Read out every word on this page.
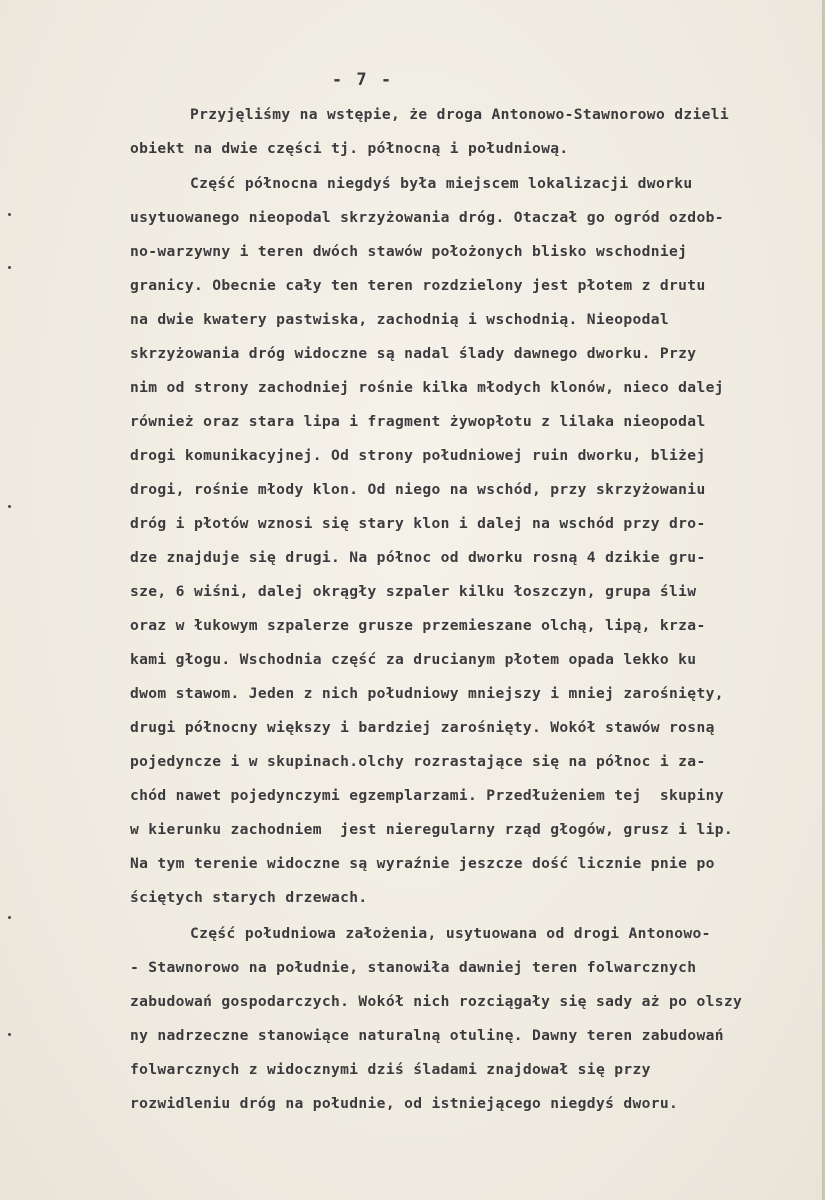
- 7 -
Przyjęliśmy na wstępie, że droga Antonowo-Stawnorowo dzieli
obiekt na dwie części tj. północną i południową.
Część północna niegdyś była miejscem lokalizacji dworku
usytuowanego nieopodal skrzyżowania dróg. Otaczał go ogród ozdob-
no-warzywny i teren dwóch stawów położonych blisko wschodniej
granicy. Obecnie cały ten teren rozdzielony jest płotem z drutu
na dwie kwatery pastwiska, zachodnią i wschodnią. Nieopodal
skrzyżowania dróg widoczne są nadal ślady dawnego dworku. Przy
nim od strony zachodniej rośnie kilka młodych klonów, nieco dalej
również oraz stara lipa i fragment żywopłotu z lilaka nieopodal
drogi komunikacyjnej. Od strony południowej ruin dworku, bliżej
drogi, rośnie młody klon. Od niego na wschód, przy skrzyżowaniu
dróg i płotów wznosi się stary klon i dalej na wschód przy dro-
dze znajduje się drugi. Na północ od dworku rosną 4 dzikie gru-
sze, 6 wiśni, dalej okrągły szpaler kilku łoszczyn, grupa śliw
oraz w łukowym szpalerze grusze przemieszane olchą, lipą, krza-
kami głogu. Wschodnia część za drucianym płotem opada lekko ku
dwom stawom. Jeden z nich południowy mniejszy i mniej zarośnięty,
drugi północny większy i bardziej zarośnięty. Wokół stawów rosną
pojedyncze i w skupinach.olchy rozrastające się na północ i za-
chód nawet pojedynczymi egzemplarzami. Przedłużeniem tej  skupiny
w kierunku zachodniem  jest nieregularny rząd głogów, grusz i lip.
Na tym terenie widoczne są wyraźnie jeszcze dość licznie pnie po
ściętych starych drzewach.
Część południowa założenia, usytuowana od drogi Antonowo-
- Stawnorowo na południe, stanowiła dawniej teren folwarcznych
zabudowań gospodarczych. Wokół nich rozciągały się sady aż po olszy
ny nadrzeczne stanowiące naturalną otulinę. Dawny teren zabudowań
folwarcznych z widocznymi dziś śladami znajdował się przy
rozwidleniu dróg na południe, od istniejącego niegdyś dworu.
